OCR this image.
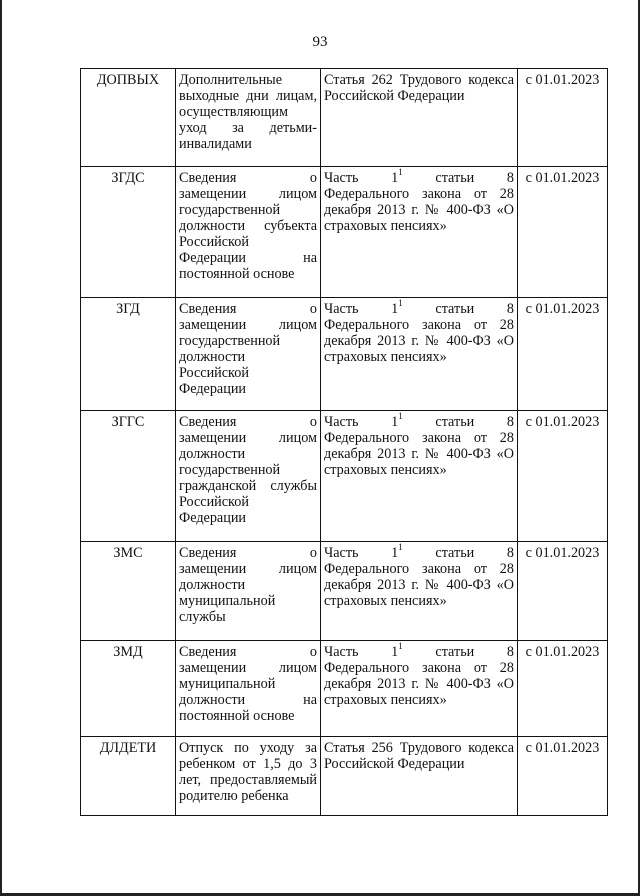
93
ДОПВЫХ	Дополнительные выходные дни лицам, осуществляющим уход за детьми-инвалидами	Статья 262 Трудового кодекса Российской Федерации	с 01.01.2023
ЗГДС	Сведения о замещении лицом государственной должности субъекта Российской Федерации на постоянной основе	Часть $1^1$ статьи 8 Федерального закона от 28 декабря 2013 г. № 400-ФЗ «О страховых пенсиях»	с 01.01.2023
ЗГД	Сведения о замещении лицом государственной должности Российской Федерации	Часть $1^1$ статьи 8 Федерального закона от 28 декабря 2013 г. № 400-ФЗ «О страховых пенсиях»	с 01.01.2023
ЗГГС	Сведения о замещении лицом должности государственной гражданской службы Российской Федерации	Часть $1^1$ статьи 8 Федерального закона от 28 декабря 2013 г. № 400-ФЗ «О страховых пенсиях»	с 01.01.2023
ЗМС	Сведения о замещении лицом должности муниципальной службы	Часть $1^1$ статьи 8 Федерального закона от 28 декабря 2013 г. № 400-ФЗ «О страховых пенсиях»	с 01.01.2023
ЗМД	Сведения о замещении лицом муниципальной должности на постоянной основе	Часть $1^1$ статьи 8 Федерального закона от 28 декабря 2013 г. № 400-ФЗ «О страховых пенсиях»	с 01.01.2023
ДЛДЕТИ	Отпуск по уходу за ребенком от 1,5 до 3 лет, предоставляемый родителю ребенка	Статья 256 Трудового кодекса Российской Федерации	с 01.01.2023
